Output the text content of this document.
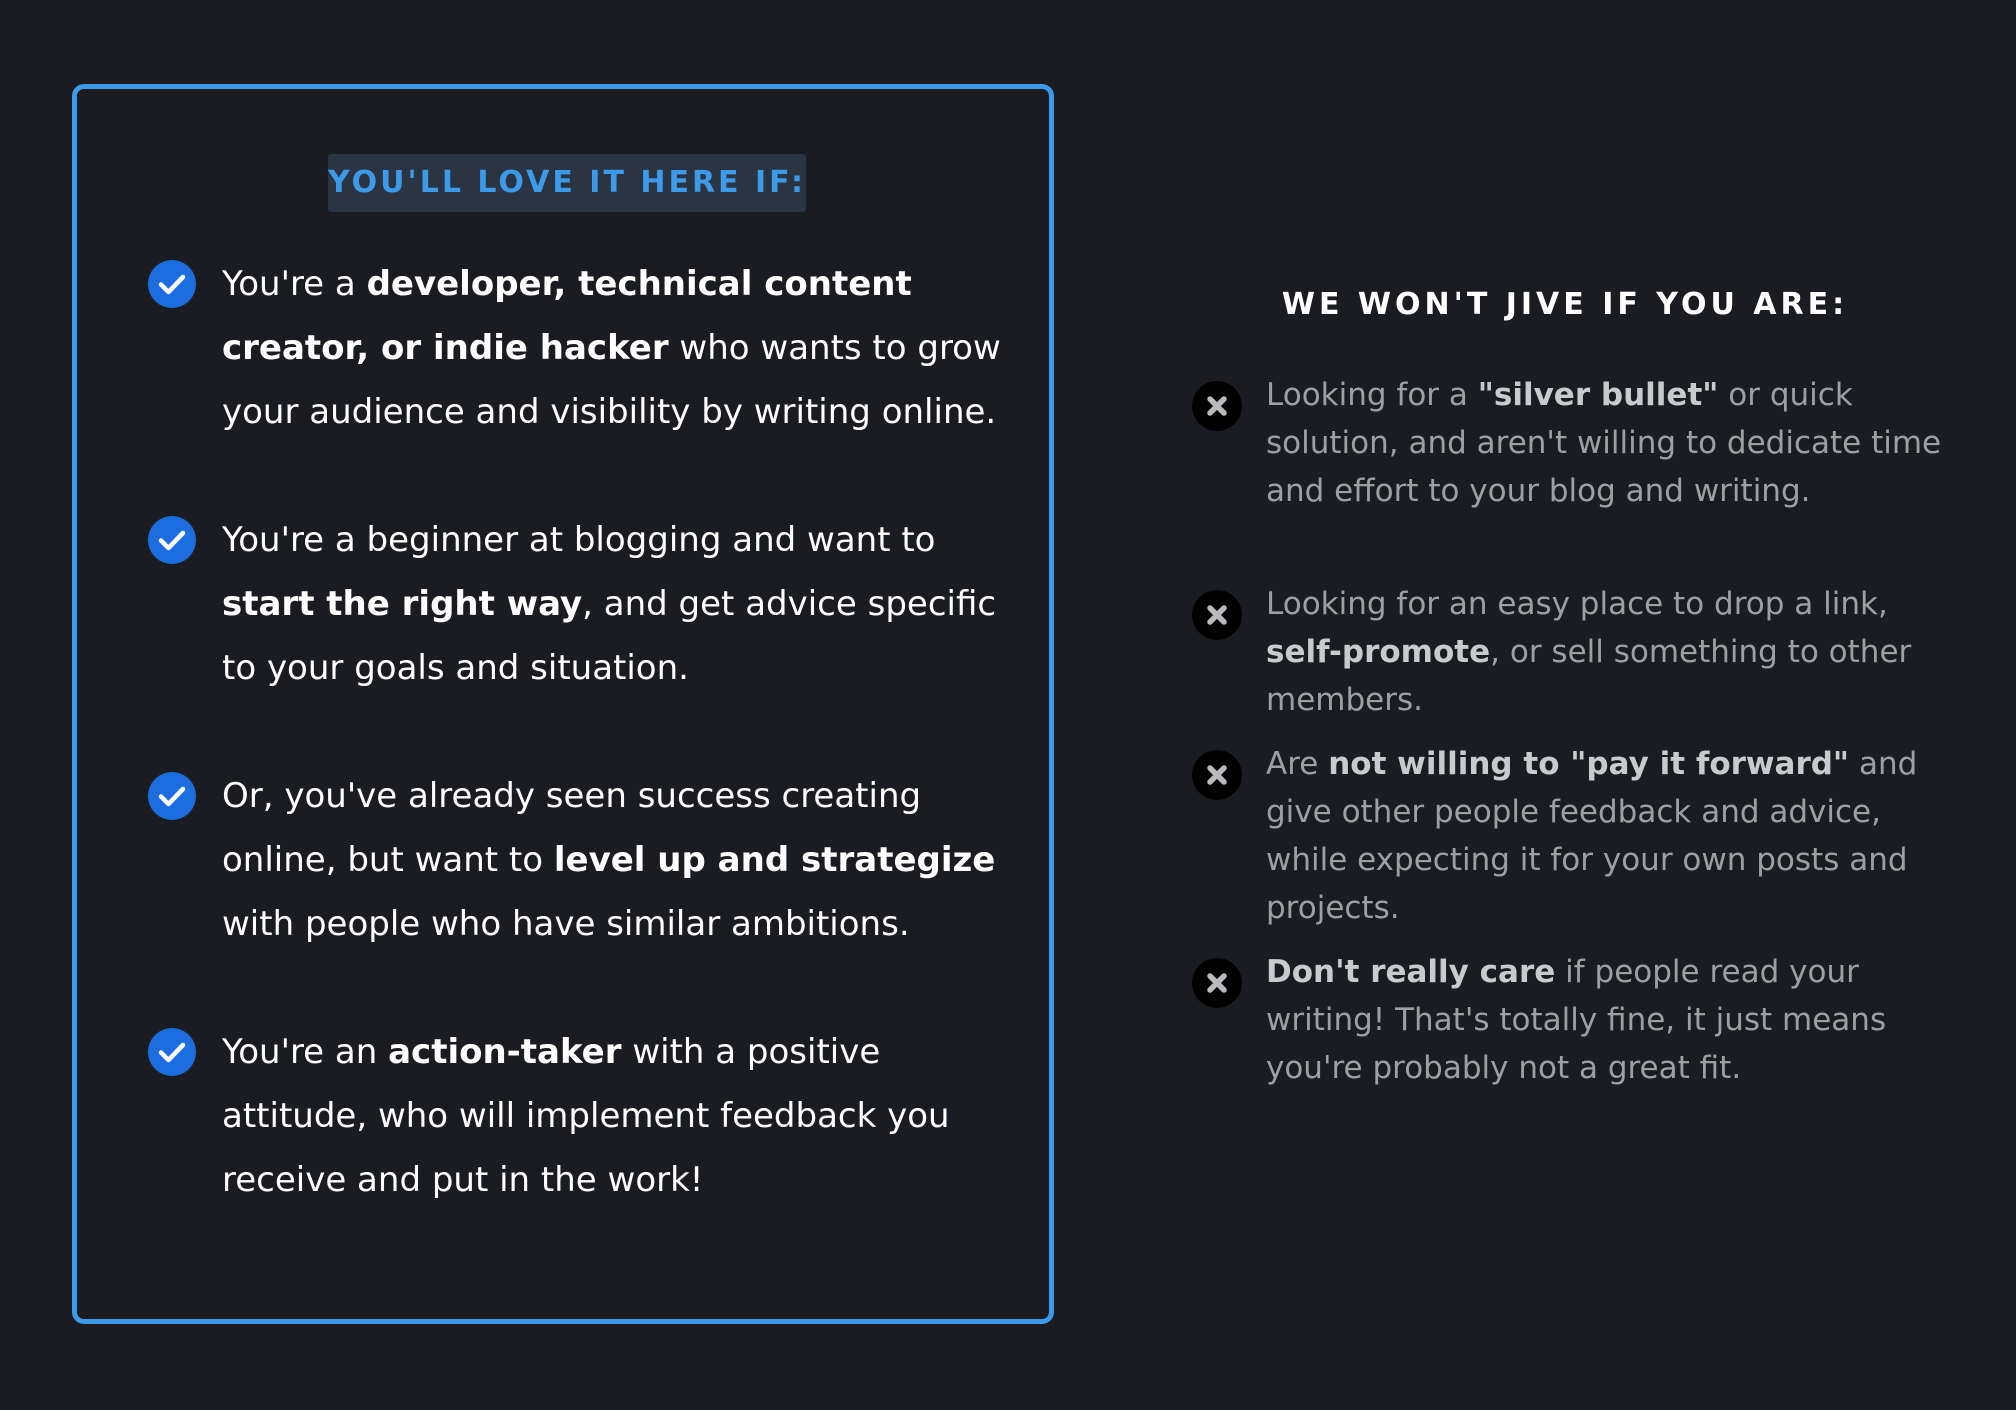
YOU'LL LOVE IT HERE IF:
You're a developer, technical content creator, or indie hacker who wants to grow your audience and visibility by writing online.
You're a beginner at blogging and want to start the right way, and get advice specific to your goals and situation.
Or, you've already seen success creating online, but want to level up and strategize with people who have similar ambitions.
You're an action-taker with a positive attitude, who will implement feedback you receive and put in the work!
WE WON'T JIVE IF YOU ARE:
Looking for a "silver bullet" or quick solution, and aren't willing to dedicate time and effort to your blog and writing.
Looking for an easy place to drop a link, self-promote, or sell something to other members.
Are not willing to "pay it forward" and give other people feedback and advice, while expecting it for your own posts and projects.
Don't really care if people read your writing! That's totally fine, it just means you're probably not a great fit.
